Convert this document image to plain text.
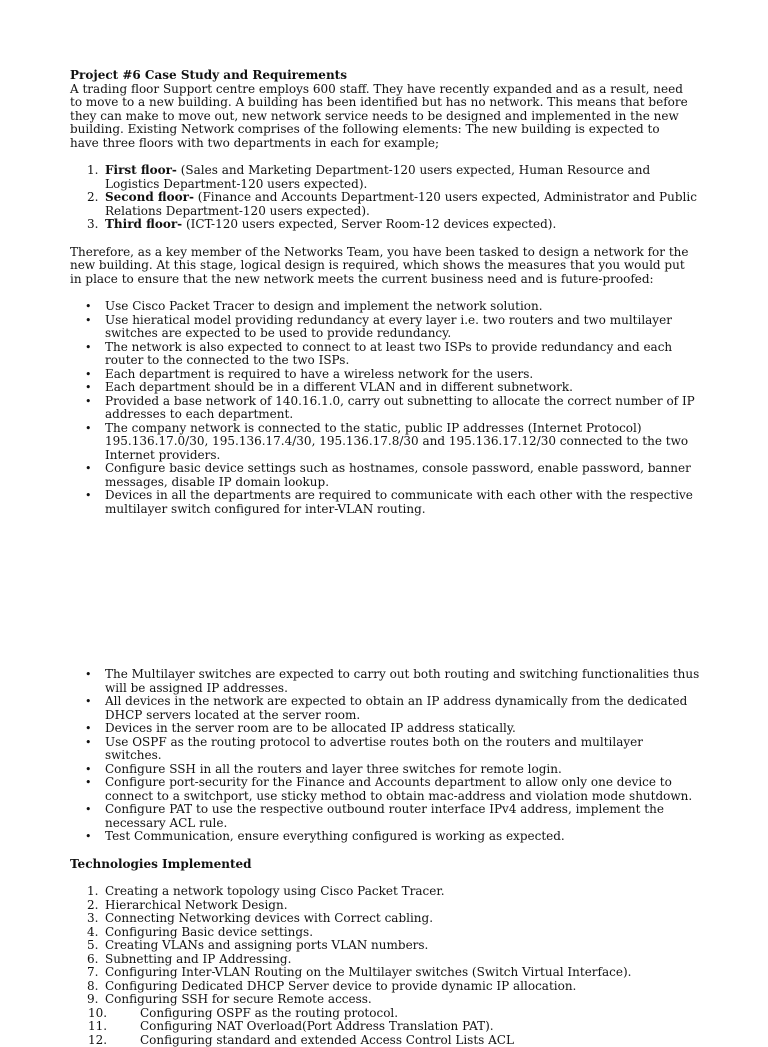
Project #6 Case Study and Requirements

A trading floor Support centre employs 600 staff. They have recently expanded and as a result, need to move to a new building. A building has been identified but has no network. This means that before they can make to move out, new network service needs to be designed and implemented in the new building. Existing Network comprises of the following elements: The new building is expected to have three floors with two departments in each for example;

1. First floor- (Sales and Marketing Department-120 users expected, Human Resource and Logistics Department-120 users expected).
2. Second floor- (Finance and Accounts Department-120 users expected, Administrator and Public Relations Department-120 users expected).
3. Third floor- (ICT-120 users expected, Server Room-12 devices expected).

Therefore, as a key member of the Networks Team, you have been tasked to design a network for the new building. At this stage, logical design is required, which shows the measures that you would put in place to ensure that the new network meets the current business need and is future-proofed:

• Use Cisco Packet Tracer to design and implement the network solution.
• Use hieratical model providing redundancy at every layer i.e. two routers and two multilayer switches are expected to be used to provide redundancy.
• The network is also expected to connect to at least two ISPs to provide redundancy and each router to the connected to the two ISPs.
• Each department is required to have a wireless network for the users.
• Each department should be in a different VLAN and in different subnetwork.
• Provided a base network of 140.16.1.0, carry out subnetting to allocate the correct number of IP addresses to each department.
• The company network is connected to the static, public IP addresses (Internet Protocol) 195.136.17.0/30, 195.136.17.4/30, 195.136.17.8/30 and 195.136.17.12/30 connected to the two Internet providers.
• Configure basic device settings such as hostnames, console password, enable password, banner messages, disable IP domain lookup.
• Devices in all the departments are required to communicate with each other with the respective multilayer switch configured for inter-VLAN routing.
• The Multilayer switches are expected to carry out both routing and switching functionalities thus will be assigned IP addresses.
• All devices in the network are expected to obtain an IP address dynamically from the dedicated DHCP servers located at the server room.
• Devices in the server room are to be allocated IP address statically.
• Use OSPF as the routing protocol to advertise routes both on the routers and multilayer switches.
• Configure SSH in all the routers and layer three switches for remote login.
• Configure port-security for the Finance and Accounts department to allow only one device to connect to a switchport, use sticky method to obtain mac-address and violation mode shutdown.
• Configure PAT to use the respective outbound router interface IPv4 address, implement the necessary ACL rule.
• Test Communication, ensure everything configured is working as expected.

Technologies Implemented

1. Creating a network topology using Cisco Packet Tracer.
2. Hierarchical Network Design.
3. Connecting Networking devices with Correct cabling.
4. Configuring Basic device settings.
5. Creating VLANs and assigning ports VLAN numbers.
6. Subnetting and IP Addressing.
7. Configuring Inter-VLAN Routing on the Multilayer switches (Switch Virtual Interface).
8. Configuring Dedicated DHCP Server device to provide dynamic IP allocation.
9. Configuring SSH for secure Remote access.
10.	Configuring OSPF as the routing protocol.
11.	Configuring NAT Overload(Port Address Translation PAT).
12.	Configuring standard and extended Access Control Lists ACL
